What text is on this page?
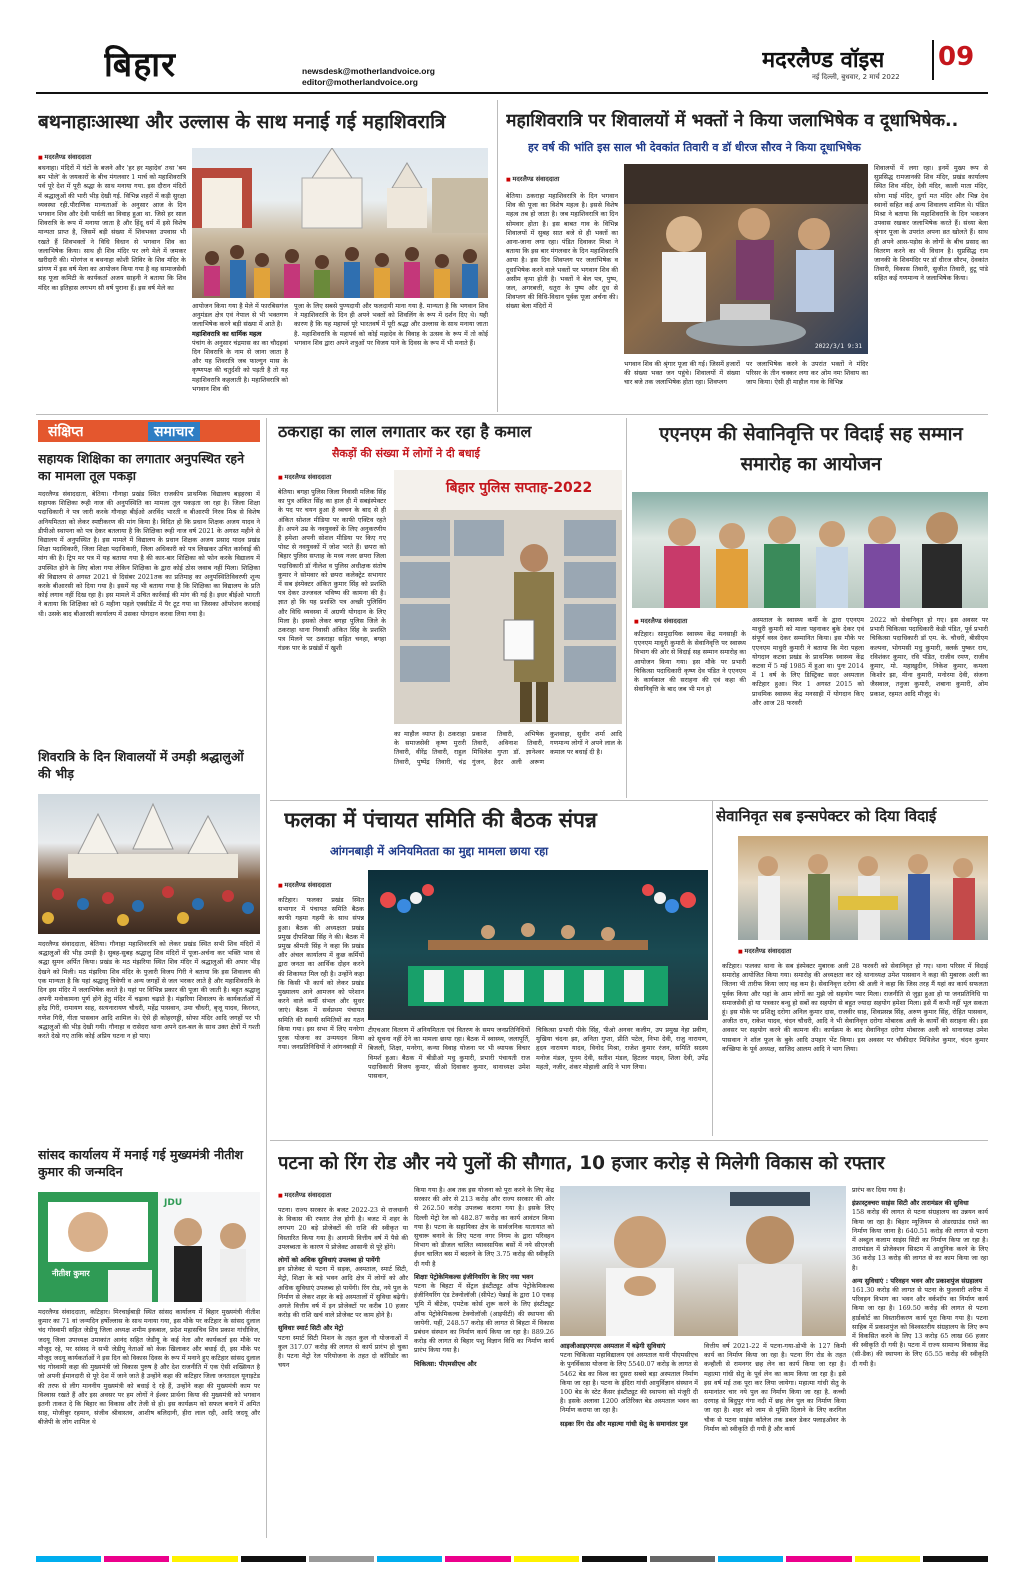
बिहार	newsdesk@motherlandvoice.org
editor@motherlandvoice.org
मदरलैण्ड वॉइस 09
नई दिल्ली, बुधवार, 2 मार्च 2022
बथनाहाःआस्था और उल्लास के साथ मनाई गई महाशिवरात्रि
■ मदरलैण्ड संवाददाता
बथनाहा। मंदिरों में घंटों के बजने और 'हर हर महादेव' तथा 'बम बम भोले' के जयकारों के बीच मंगलवार 1 मार्च को महाशिवरात्रि पर्व पूरे देश में पूरी श्रद्धा के साथ मनाया गया. इस दौरान मंदिरों में श्रद्धालुओं की भारी भीड़ देखी गई. विभिन्न शहरों में कड़ी सुरक्षा व्यवस्था रही.पौराणिक मान्यताओं के अनुसार आज के दिन भगवान शिव और देवी पार्वती का विवाह हुआ था. जिसे हर साल शिवरात्रि के रूप में मनाया जाता है और हिंदू धर्म में इसे विशेष मान्यता प्राप्त है, जिसमें बड़ी संख्या में शिवभक्त उपवास भी रखते हैं शिवभक्तों ने विधि विधान से भगवान शिव का जलाभिषेक किया। साथ ही शिव मंदिर पर लगे मेले में जमकर खरीदारी की। मोरगंज व बथनाहा कोशी शिविर के शिव मंदिर के प्रांगण में इस वर्ष मेला का आयोजन किया गया है वह सामाजसेवी सह पूजा कमिटी के कार्यकर्ता अजय साहनी ने बताया कि शिव मंदिर का इतिहास लगभग सौ वर्ष पुराना हैं। इस वर्ष मेले का
आयोजन किया गया है मेले में फारबिसगंज अनुमंडल क्षेत्र एवं नेपाल से भी भक्तगण जलाभिषेक करने बड़ी संख्या में आते है।
महाशिवरात्रि का धार्मिक महत्व
पंचांग के अनुसार चंद्रमास का का चौदहवां दिन शिवरात्रि के नाम से जाना जाता है और यह शिवरात्रि जब फाल्गुन मास के कृष्णपक्ष की चतुर्दशी को पड़ती है तो यह महाशिवरात्रि कहलाती है। महाशिवरात्रि को भगवान शिव की
पूजा के लिए सबसे पुण्यदायी और फलदायी माना गया है. मान्यता है कि भगवान शिव ने महाशिवरात्रि के दिन ही अपने भक्तों को शिवलिंग के रूप में दर्शन दिए थे। यही कारण है कि यह महापर्व पूरे भारतवर्ष में पूरी श्रद्धा और उल्लास के साथ मनाया जाता है. महाशिवरात्रि के महापर्व को कोई महादेव के विवाह के उत्सव के रूप में तो कोई भगवान शिव द्वारा अपने शत्रुओं पर विजय पाने के दिवस के रूप में भी मनाते हैं।
महाशिवरात्रि पर शिवालयों में भक्तों ने किया जलाभिषेक व दूधाभिषेक..
हर वर्ष की भांति इस साल भी देवकांत तिवारी व डॉ धीरज सौरव ने किया दूधाभिषेक
■ मदरलैण्ड संवाददाता
बेतिया। ठकराहा महाशिवरात्रि के दिन भगवान शिव की पूजा का विशेष महत्व है। इससे विशेष महत्व तब हो जाता है। जब महाशिवरात्रि का दिन सोमवार होता है। इस बाबत गाव के विभिन्न शिवालयों में सुबह सात बजे से ही भक्तों का आना-जाना लगा रहा। पंडित दिवाकर मिश्रा ने बताया कि इस बार मंगलवार के दिन महाशिवरात्रि आया है। इस दिन शिवप्लग पर जलाभिषेक व दूधाभिषेक करने वाले भक्तों पर भगवान शिव की असीम कृपा होती है। भक्तों ने बेल पत्र, पुष्प, जल, अगरबत्ती, धतूरा के पुष्प और दूध से शिवप्लग की विधि-विधान पूर्वक पूजा अर्चना की। संख्या बेला मंदिरों में
2022/3/1 9:31
भगवान शिव की श्रृंगार पूजा की गई। जिसमें हजारों की संख्या भक्त जन पहुंचे। शिवालयों में संख्या चार बजे तक जलाभिषेक होता रहा। शिवप्लग
पर जलाभिषेक करने के उपरांत भक्तों ने मंदिर परिसर के तीन चक्कर लगा कर ओम नमः शिवाय का जाप किया। ऐसी ही माहौल गाव के विभिन्न
शिवालयों में लगा रहा। इनमें मुख्य रूप से सुप्रसिद्ध रामजानकी शिव मंदिर, प्रखंड कार्यालय स्थित शिव मंदिर, देवी मंदिर, काली माता मंदिर, सोना माई मंदिर, दुर्गा मत मंदिर और भिन्न देव स्थानों सहित कई अन्य शिवालय शामिल थे। पंडित मिश्रा ने बताया कि महाशिवरात्रि के दिन भकजन उपवास रखकर जलाभिषेक करते हैं। संध्या बेला श्रृंगार पूजा के उपरांत अपना व्रत खोलते हैं। साथ ही अपने आस-पड़ोस के लोगों के बीच प्रसाद का वितरण करने का भी विधान है। सुप्रसिद्ध राम जानकी के शिवमंदिर पर डॉ धीरज सौरभ, देवकांत तिवारी, विकास तिवारी, सुजीत तिवारी, हुटू पांडे सहित कई गणमान्य ने जलाभिषेक किया।
संक्षिप्त	समाचार
सहायक शिक्षिका का लगातार अनुपस्थित रहने का मामला तूल पकड़ा
मदरलैण्ड संवाददाता, बेतिया। गौनाहा प्रखंड स्थित राजकीय प्राथमिक विद्यालय बड़हरवा में सहायक शिक्षिका रूही नाज की अनुपस्थिति का मामला तूल पकड़ता जा रहा है। जिला शिक्षा पदाधिकारी ने पत्र जारी करके गौनाहा बीईओ अरविंद भारती व बीआरपी निरव मिश्र से विशेष अनियमितता को लेकर स्पष्टीकरण की मांग किया है। विदित हो कि प्रधान शिक्षक अजय यादव ने डीपीओ स्थापना को पत्र देकर बतलाया है कि शिक्षिका रूही नाज वर्ष 2021 के अगस्त महीने से विद्यालय में अनुपस्थित है। इस मामले में विद्यालय के प्रधान शिक्षक अजय प्रसाद यादव प्रखंड शिक्षा पदाधिकारी, जिला शिक्षा पदाधिकारी, जिला अधिकारी को पत्र लिखकर उचित कार्रवाई की मांग की है। ट्रिप मर पत्र में यह बताया गया है की कार-बार शिक्षिका को फोन करके विद्यालय में उपस्थित होने के लिए बोला गया लेकिन शिक्षिका के द्वारा कोई ठोस जवाब नहीं मिला। शिक्षिका की विद्यालय से अगस्त 2021 से दिसंबर 2021तक का प्रतिमाह का अनुपस्थितिविवरणी शून्य करके बीआरसी को दिया गया है। इसमें यह भी बताया गया है कि शिक्षिका का विद्यालय के प्रति कोई लगाव नहीं दिख रहा है। इस मामले में उचित कार्रवाई की मांग की गई है। इधर बीईओ भारती ने बताया कि शिक्षिका को 6 महीना पहले एक्सीडेंट में पैर टूट गया था जिसका ऑपरेशन करवाई थी। उसके बाद बीआरसी कार्यालय में उसका योगदान करवा लिया गया है।
शिवरात्रि के दिन शिवालयों में उमड़ी श्रद्धालुओं की भीड़
मदरलैण्ड संवाददाता, बेतिया। गौनाहा महाशिवरात्रि को लेकर प्रखंड स्थित सभी शिव मंदिरों में श्रद्धालुओं की भीड़ उमड़ी है। सुबह-सुबह श्रद्धालु शिव मंदिरों में पूजा-अर्चना कर भक्ति भाव से श्रद्धा सुमन अर्पित किया। प्रखंड के मठ मंझरिया स्थित शिव मंदिर में श्रद्धालुओं की अपार भीड़ देखने को मिली। मठ मंझरिया शिव मंदिर के पुजारी विजय गिरी ने बताया कि इस शिवालय की एक मान्यता है कि यहां श्रद्धालु त्रिवेणी व अन्य जगहों से जल भरकर लाते है और महाशिवरात्रि के दिन इस मंदिर में जलाभिषेक करते है। यहां पर विभिन्न प्रकार की पूजा की जाती है। बहुत श्रद्धालु अपनी मनोकामना पूर्ण होने हेतु मंदिर में चढ़ावा चढ़ाते है। मंझरिया शिवालय के कार्यकर्ताओं में हरेंद्र गिरी, रामायण साह, सत्यनारायण चौधरी, महेंद्र पासवान, उमा चौधरी, बृजू यादव, किरनत, गणेश गिरी, गीता पासवान आदि शामिल थे। ऐसे ही कोहरगड्डी, सोफा मंदिर आदि जगहों पर भी श्रद्धालुओं की भीड़ देखी गयी। गौनाहा व रासेदरा थाना अपने दल-बल के साथ उक्त क्षेत्रों में गश्ती करते देखे गए ताकि कोई अप्रिय घटना न हो पाए।
सांसद कार्यालय में मनाई गई मुख्यमंत्री नीतीश कुमार की जन्मदिन
नीतीश कुमार
JDU
मदरलैण्ड संवाददाता, कटिहार। मिरचाईबाड़ी स्थित सांसद कार्यालय में बिहार मुख्यमंत्री नीतीश कुमार का 71 वां जन्मदिन हर्षोल्लास के साथ मनाया गया, इस मौके पर कटिहार के सांसद दुलाल चंद गोस्वामी सहित जेडीयू जिला अध्यक्ष शमीम इकबाल, प्रदेश महासचिव शिव प्रकाश गांधीविज, जदयू जिला उपाध्यक्ष उमाकांत आनंद सहित जेडीयू के कई नेता और कार्यकर्ता इस मौके पर मौजूद रहे, पर सांसद ने सभी जेडीयू नेताओं को केक खिलाकर और बधाई दी, इस मौके पर मौजूद जदयू कार्यकर्ताओं ने इस दिन को विकास दिवस के रूप में मनाने हुए कटिहार सांसद दुलाल चंद गोस्वामी कहा की मुख्यमंत्री जो विकास पुरुष है और देश राजनीति में एक ऐसी शख्सियत है जो अपनी ईमानदारी से पूरे देश में जाने जाते है उन्होंने कहा की कटिहार जिला जनतादल यूनाइटेड की तरफ से लीग माननीय मुख्यमंत्री को बधाई दे रहे हैं, उन्होंने कहा की मुख्यमंत्री काम पर विश्वास रखते हैं और इस अवसर पर हम लोगों ने ईश्वर प्रार्थना किया की मुख्यमंत्री को भगवान इतनी ताकत दे कि बिहार का विकास और तेजी से हो। इस कार्यक्रम को सफल बनाने में अमित साह, मोजीबुर रहमान, संजीव श्रीवास्तव, आशीष बलिदानी, हीरा लाल रही, आदि जदयू और बीजेपी के लोग शामिल थे
ठकराहा का लाल लगातार कर रहा है कमाल
सैकड़ों की संख्या में लोगों ने दी बधाई
■ मदरलैण्ड संवाददाता
बेतिया। बगहा पुलिस जिला निवासी मलिक सिंह का पुत्र अंकित सिंह का हाल ही में सबइंस्पेक्टर के पद पर चयन हुआ है व्वचन के बाद से ही अंकित सोशल मीडिया पर काफी एक्टिव रहते हैं। अपने उम्र के नवयुवकों के लिए अनुकरणीय है हमेशा अपनी सोशल मीडिया पर किए गए पोस्ट से नवयुवकों में जोश भरते हैं। छपरा को बिहार पुलिस सप्ताह के मध्य नजर छपरा जिला पदाधिकारी डॉ नीलेश व पुलिस अधीक्षक संतोष कुमार ने सोमवार को छपरा कलेक्ट्रेट सभागार में सब इंस्पेक्टर अंकित कुमार सिंह को प्रशस्ति पत्र देकर उज्जवल भविष्य की कामना की है। ज्ञात हो कि यह प्रशस्ति पत्र अच्छी पुलिसिंग और विधि व्यवस्था में अग्रणी योगदान के लिए मिला है। इसको लेकर बगहा पुलिस जिले के ठकराहा थाना निवासी अंकित सिंह के प्रशस्ति पत्र मिलने पर ठकराहा सहित चनहा, बगहा गंडक पार के प्रखंडों में खुशी
बिहार पुलिस सप्ताह-2022
का माहौल व्याप्त है। ठकराहा के समाजसेवी कृष्ण मुरारी तिवारी, वीरेंद्र तिवारी, राहुल तिवारी, पुष्पेंद्र तिवारी, चंद्र प्रकाश तिवारी, अभिषेक तिवारी, अविनाश तिवारी, मिथिलेश गुप्ता डॉ. ज्ञानेश्वर गुंजन, हैदर अली अरूण कुशवाहा, सुधीर शर्मा आदि गणमान्य लोगों ने अपने लाल के कमाल पर बधाई दी है।
एएनएम की सेवानिवृत्ति पर विदाई सह सम्मान समारोह का आयोजन
■ मदरलैण्ड संवाददाता
कटिहार। सामुदायिक स्वास्थ्य केंद्र मनसाही के एएनएम माधुरी कुमारी के सेवानिवृत्ति पर स्वास्थ्य विभाग की ओर से विदाई सह सम्मान समारोह का आयोजन किया गया। इस मौके पर प्रभारी चिकित्सा पदाधिकारी कृष्ण देव पंडित ने एएनएम के कार्यकाल की सराहना की एवं कहा की सेवानिवृत्ति के बाद जब भी मन हो
अस्पताल के स्वास्थ्य कर्मी के द्वारा एएनएम माधुरी कुमारी को माला पहनाकर बुके देकर एवं संपूर्ण वस्त्र देकर सम्मानित किया। इस मौके पर एएनएम माधुरी कुमारी ने बताया कि मेरा पहला योगदान कटवा प्रखंड के प्राथमिक स्वास्थ्य केंद्र कटवा में 5 मई 1985 में हुआ था। पुनः 2014 में 1 वर्ष के लिए डिस्ट्रिक्ट सदर अस्पताल कटिहार हुआ। फिर 1 अगस्त 2015 को प्राथमिक स्वास्थ्य केंद्र मनसाही में योगदान किए और आज 28 फरवरी
2022 को सेवानिवृत हो गए। इस अवसर पर प्रभारी चिकित्सा पदाधिकारी केडी पंडित, पूर्व प्रभारी चिकित्सा पदाधिकारी डॉ एम. के. चौधरी, बीसीएम कल्पना, भोगमसी मधु कुमारी, क्लर्क पुष्कर राय, रविशंकर कुमार, रवि पंडित, राजीव रमण, राजीव कुमार, मो. महाखुदीन, निकेश कुमार, कमला किशोर झा, मीना कुमारी, मनोरमा देवी, संजना जैसवाल, तनुजा कुमारी, शबाना कुमारी, ओम प्रकाश, रहमत आदि मौजूद थे।
फलका में पंचायत समिति की बैठक संपन्न
आंगनबाड़ी में अनियमितता का मुद्दा मामला छाया रहा
■ मदरलैण्ड संवाददाता
कटिहार। फलका प्रखंड स्थित सभागार में पंचायत समिति बैठक काफी गहमा गहमी के साथ संपन्न हुआ। बैठक की अध्यक्षता प्रखंड प्रमुख दीपशिखा सिंह ने की। बैठक में प्रमुख श्रीमती सिंह ने कहा कि प्रखंड और अंचल कार्यालय में कुछ कर्मियों द्वारा जनता का आर्थिक दोहन करने की शिकायत मिल रही है। उन्होंने कहा कि किसी भी कार्य को लेकर प्रखंड मुख्यालय आने आमजन को परेशान करने वाले कर्मी संभल और सुधर जाएं। बैठक में सर्वप्रथम पंचायत समिति की स्थायी समितियों का गठन किया गया। इस सभा में लिए मनरेगा पूरक योजना का उन्मयदन किया गया। जनप्रतिनिधियों ने आंगनबाड़ी में
टीएचआर वितरण में अनियमितता एवं वितरण के समय जनप्रतिनिधियों को सूचना नहीं देने का मामला छाया रहा। बैठक में स्वास्थ्य, जलापूर्ति, बिजली, शिक्षा, मनरेगा, कन्या विवाह योजना पर भी व्यापक विचार विमर्श हुआ। बैठक में बीडीओ मधु कुमारी, प्रभारी पंचायती राज पदाधिकारी विजय कुमार, सीओ दिवाकर कुमार, थानाध्यक्ष उमेश पासवान,
चिकित्सा प्रभारी पीके सिंह, पीओ अनवर कलीम, उप प्रमुख नेहा प्रवीण, मुखिया चंदना झा, अनिता गुप्ता, प्रीति पटेल, निभा देवी, राजु नारायण, हृदय नारायण यादव, विनोद मिश्रा, राजेश कुमार रंजन, समिति सदस्य मनोज मंडल, पूनम देवी, सतीश मंडल, हिटलर यादव, शिला देवी, उपेंद्र महतो, नजीर, शंकर मोहाली आदि ने भाग लिया।
सेवानिवृत सब इन्सपेक्टर को दिया विदाई
■ मदरलैण्ड संवाददाता
कटिहार। फलका थाना के सब इंस्पेक्टर मुबारक अली 28 फरवरी को सेवानिवृत हो गए। थाना परिसर में विदाई समारोह आयोजित किया गया। समारोह की अध्यक्षता कर रहे थानाध्यक्ष उमेश पासवान ने कहा की मुबारक अली का जितना भी तारीफ किया जाए वह कम है। सेवानिवृत्त दरोगा श्री अली ने कहा कि जिस तरह मैं यहां का कार्य सफलता पूर्वक किया और यहां के आम लोगों का मुझे जो सहयोग प्यार मिला। राजनीति से जुड़ा हुआ हो या जनप्रतिनिधि या समाजसेवी हो या पत्रकार बन्धु हो सबों का सहयोग से बहुत ज्यादा सहयोग हमेशा मिला। इसे मैं कभी नहीं भूल सकता हूं। इस मौके पर प्रशिक्षु दरोगा अनिल कुमार दास, राजवीर साह, शिवप्रसन्न सिंह, अरुण कुमार सिंह, रोहित पासवान, अजीत राय, राकेश यादव, चंदन चौधरी, आदि ने भी सेवानिवृत्त दरोगा मोबारक अली के कार्यों की सराहना की। इस अवसर पर सहयोग करने की कामना की। कार्यक्रम के बाद सेवानिवृत दरोगा मोबारक अली को थानाध्यक्ष उमेश पासवान ने शॉल फूल के बुके आदि उपहार भेंट किया। इस अवसर पर चौकीदार मिथिलेश कुमार, चंदन कुमार कच्छिया के पूर्व अध्यक्ष, साजिद आलम आदि ने भाग लिया।
पटना को रिंग रोड और नये पुलों की सौगात, 10 हजार करोड़ से मिलेगी विकास को रफ्तार
■ मदरलैण्ड संवाददाता
पटना। राज्य सरकार के बजट 2022-23 से राजधानी के विकास की रफ्तार तेज होगी है। बजट में शहर के लगभग 20 बड़े प्रोजेक्टों की राशि की स्वीकृत या विस्तारित किया गया है। आगामी वित्तीय वर्ष में पैसे की उपलब्धता के कारण ये प्रोजेक्ट आसानी से पूरे होंगे।
लोगों को अधिक सुविधाएं उपलब्ध हो पायेंगी
इन प्रोजेक्ट से पटना में सड़क, अस्पताल, स्मार्ट सिटी, मेट्रो, शिक्षा के बड़े भवन आदि क्षेत्र में लोगों को और अधिक सुविधाएं उपलब्ध हो पायेंगी। रिंग रोड, नये पुल के निर्माण से लेकर शहर के बड़े अस्पतालों में सुविधा बढ़ेगी। अगले वित्तीय वर्ष में इन प्रोजेक्टों पर करीब 10 हजार करोड़ की राशि खर्च वाले प्रोजेक्ट पर काम होने है।
सुविधाः स्मार्ट सिटी और मेट्रो
पटना स्मार्ट सिटी मिशन के तहत कुल नौ योजनाओं में कुल 317.07 करोड़ की लागत से कार्य प्रारंभ हो चुका है। पटना मेट्रो रेल परियोजना के तहत दो कॉरिडोर का चयन
किया गया है। अब तक इस योजना को पूरा करने के लिए केंद्र सरकार की ओर से 213 करोड़ और राज्य सरकार की ओर से 262.50 करोड़ उपलब्ध कराया गया है। इसके लिए दिल्ली मेट्रो रेल को 482.87 करोड़ का कार्य आवंटन किया गया है। पटना के सहायिका क्षेत्र के सार्वजनिक यातायात को सुचारू बनाने के लिए पटना नगर निगम के द्वारा परिवहन विभाग को डीजल चालित व्यावसायिक बसों में नये सीएनजी ईंधन चालित बस में बदलने के लिए 3.75 करोड़ की स्वीकृति दी गयी है
शिक्षाः पेट्रोकेमिकल्स इंजीनियरिंग के लिए नया भवन
पटना के बिहटा में सेंट्रल इंस्टीट्यूट ऑफ पेट्रोकेमिकल्स इंजीनियरिंग एंड टेक्नोलॉजी (सीपेट) पेन्नाई के द्वारा 10 एकड़ भूमि में बीटेक, एमटेक कोर्स शुरू करने के लिए इंस्टीट्यूट ऑफ पेट्रोकेमिकल्स टेक्नोलॉजी (आइपीटी) की स्थापना की जायेगी. यहीं, 248.57 करोड़ की लागत से बिहटा में विकास प्रबंधन संस्थान का निर्माण कार्य किया जा रहा है। 889.26 करोड़ की लागत से बिहार पशु विज्ञान विधि का निर्माण कार्य प्रारंभ किया गया है।
चिकित्सा: पीएमसीएच और
आइजीआइएमएस अस्पताल में बढ़ेगी सुविधाएं
पटना चिकित्सा महाविद्यालय एवं अस्पताल यानी पीएमसीएच के पुनर्विकास योजना के लिए 5540.07 करोड़ के लागत से 5462 बेड का विश्व का दूसरा सबसे बड़ा अस्पताल निर्माण किया जा रहा है। पटना के इंदिरा गांधी आयुर्विज्ञान संस्थान में 100 बेड के स्टेट कैंसर इंस्टीट्यूट की स्थापना को मंजूरी दी है। इसके अलावा 1200 अतिरिक्त बेड अस्पताल भवन का निर्माण कराया जा रहा है।
सड़कः रिंग रोड और महात्मा गांधी सेतु के समानांतर पुल
वित्तीय वर्ष 2021-22 में पटना-गया-डोभी के 127 किमी कार्य का निर्माण किया जा रहा है। पटना रिंग रोड के तहत कन्हौली से रामनगर छह लेन का कार्य किया जा रहा है। महात्मा गांधी सेतु के पूर्व लेन का काम किया जा रहा है। इसे इस वर्ष मई तक पूरा कर लिया जायेगा। महात्मा गांधी सेतु के समानांतर चार नये पुल का निर्माण किया जा रहा है. कच्ची दरगाह से बिदुपुर गंगा नदी में छह लेन पुल का निर्माण किया जा रहा है। शहर को जाम से मुक्ति दिलाने के लिए करगिल चौक से पटना साइंस कॉलेज तक डबल डेकर फ्लाइओवर के निर्माण को स्वीकृति दी गयी है और कार्य
प्रारंभ कर दिया गया है।
इंफ्रास्ट्रक्चरः साइंस सिटी और तारामंडल की सुविधा
158 करोड़ की लागत से पटना संग्रहालय का उन्नयन कार्य किया जा रहा है। बिहार म्यूजियम से अंडरग्राउंड रास्ते का निर्माण किया जाना है। 640.51 करोड़ की लागत से पटना में अब्दुल कलाम साइंस सिटी का निर्माण किया जा रहा है। तारामंडल में प्रोजेक्शन सिस्टम में आधुनिक करने के लिए 36 करोड़ 13 करोड़ की लागत से का काम किया जा रहा है।
अन्य सुविधाएं : परिवहन भवन और प्रकाशपुंज संग्रहालय
161.30 करोड़ की लागत से पटना के फुलवारी शरीफ में परिवहन विभाग का भवन और वर्कशॉप का निर्माण कार्य किया जा रहा है। 169.50 करोड़ की लागत से पटना हार्डकोर्ट का विस्तारीकरण कार्य पूरा किया गया है। पटना साहिब में प्रकाशपुंज को विश्वस्तरीय संग्रहालय के लिए रूप में विकसित करने के लिए 13 करोड़ 65 लाख 66 हजार की स्वीकृति दी गयी है। पटना में राज्य सामान्य विकास केंद्र (सी-डैक) की स्थापना के लिए 65.55 करोड़ की स्वीकृति दी गयी है।
